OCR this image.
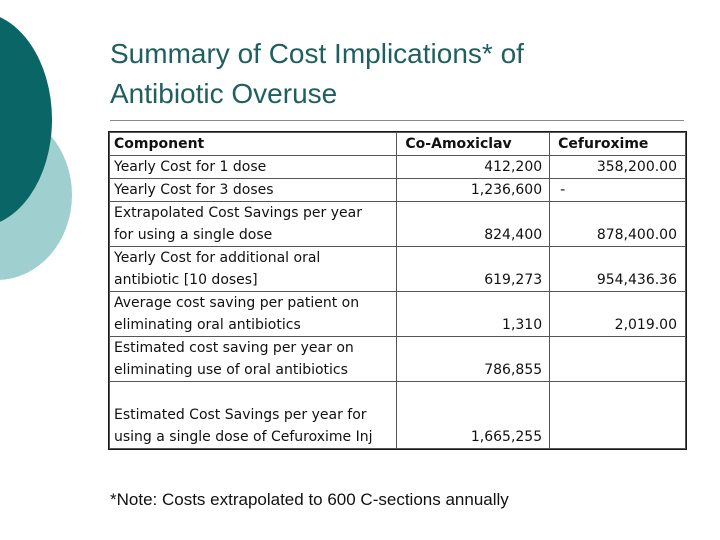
Summary of Cost Implications* of
Antibiotic Overuse
Component	Co-Amoxiclav	Cefuroxime

Yearly Cost for 1 dose	412,200	358,200.00

Yearly Cost for 3 doses	1,236,600	-

Extrapolated Cost Savings per year
for using a single dose	824,400	878,400.00

Yearly Cost for additional oral
antibiotic [10 doses]	619,273	954,436.36

Average cost saving per patient on
eliminating oral antibiotics	1,310	2,019.00

Estimated cost saving per year on
eliminating use of oral antibiotics	786,855	

Estimated Cost Savings per year for
using a single dose of Cefuroxime Inj	1,665,255	
*Note: Costs extrapolated to 600 C-sections annually
